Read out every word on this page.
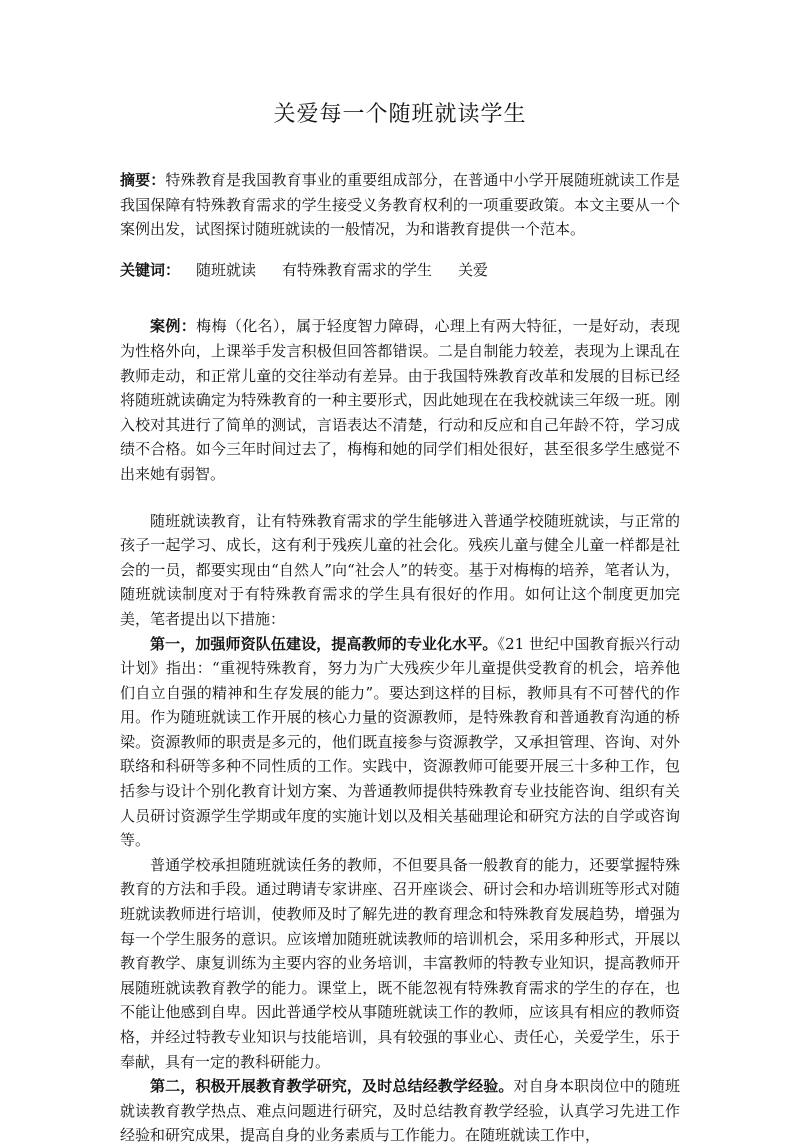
关爱每一个随班就读学生

摘要：特殊教育是我国教育事业的重要组成部分，在普通中小学开展随班就读工作是我国保障有特殊教育需求的学生接受义务教育权利的一项重要政策。本文主要从一个案例出发，试图探讨随班就读的一般情况，为和谐教育提供一个范本。

关键词： 随班就读 有特殊教育需求的学生 关爱

案例：梅梅（化名），属于轻度智力障碍，心理上有两大特征，一是好动，表现为性格外向，上课举手发言积极但回答都错误。二是自制能力较差，表现为上课乱在教师走动，和正常儿童的交往举动有差异。由于我国特殊教育改革和发展的目标已经将随班就读确定为特殊教育的一种主要形式，因此她现在在我校就读三年级一班。刚入校对其进行了简单的测试，言语表达不清楚，行动和反应和自己年龄不符，学习成绩不合格。如今三年时间过去了，梅梅和她的同学们相处很好，甚至很多学生感觉不出来她有弱智。

随班就读教育，让有特殊教育需求的学生能够进入普通学校随班就读，与正常的孩子一起学习、成长，这有利于残疾儿童的社会化。残疾儿童与健全儿童一样都是社会的一员，都要实现由“自然人”向“社会人”的转变。基于对梅梅的培养，笔者认为，随班就读制度对于有特殊教育需求的学生具有很好的作用。如何让这个制度更加完美，笔者提出以下措施：

第一，加强师资队伍建设，提高教师的专业化水平。《21 世纪中国教育振兴行动计划》指出：“重视特殊教育，努力为广大残疾少年儿童提供受教育的机会，培养他们自立自强的精神和生存发展的能力”。要达到这样的目标，教师具有不可替代的作用。作为随班就读工作开展的核心力量的资源教师，是特殊教育和普通教育沟通的桥梁。资源教师的职责是多元的，他们既直接参与资源教学，又承担管理、咨询、对外联络和科研等多种不同性质的工作。实践中，资源教师可能要开展三十多种工作，包括参与设计个别化教育计划方案、为普通教师提供特殊教育专业技能咨询、组织有关人员研讨资源学生学期或年度的实施计划以及相关基础理论和研究方法的自学或咨询等。

普通学校承担随班就读任务的教师，不但要具备一般教育的能力，还要掌握特殊教育的方法和手段。通过聘请专家讲座、召开座谈会、研讨会和办培训班等形式对随班就读教师进行培训，使教师及时了解先进的教育理念和特殊教育发展趋势，增强为每一个学生服务的意识。应该增加随班就读教师的培训机会，采用多种形式，开展以教育教学、康复训练为主要内容的业务培训，丰富教师的特教专业知识，提高教师开展随班就读教育教学的能力。课堂上，既不能忽视有特殊教育需求的学生的存在，也不能让他感到自卑。因此普通学校从事随班就读工作的教师，应该具有相应的教师资格，并经过特教专业知识与技能培训，具有较强的事业心、责任心，关爱学生，乐于奉献，具有一定的教科研能力。

第二，积极开展教育教学研究，及时总结经教学经验。对自身本职岗位中的随班就读教育教学热点、难点问题进行研究，及时总结教育教学经验，认真学习先进工作经验和研究成果，提高自身的业务素质与工作能力。在随班就读工作中，
